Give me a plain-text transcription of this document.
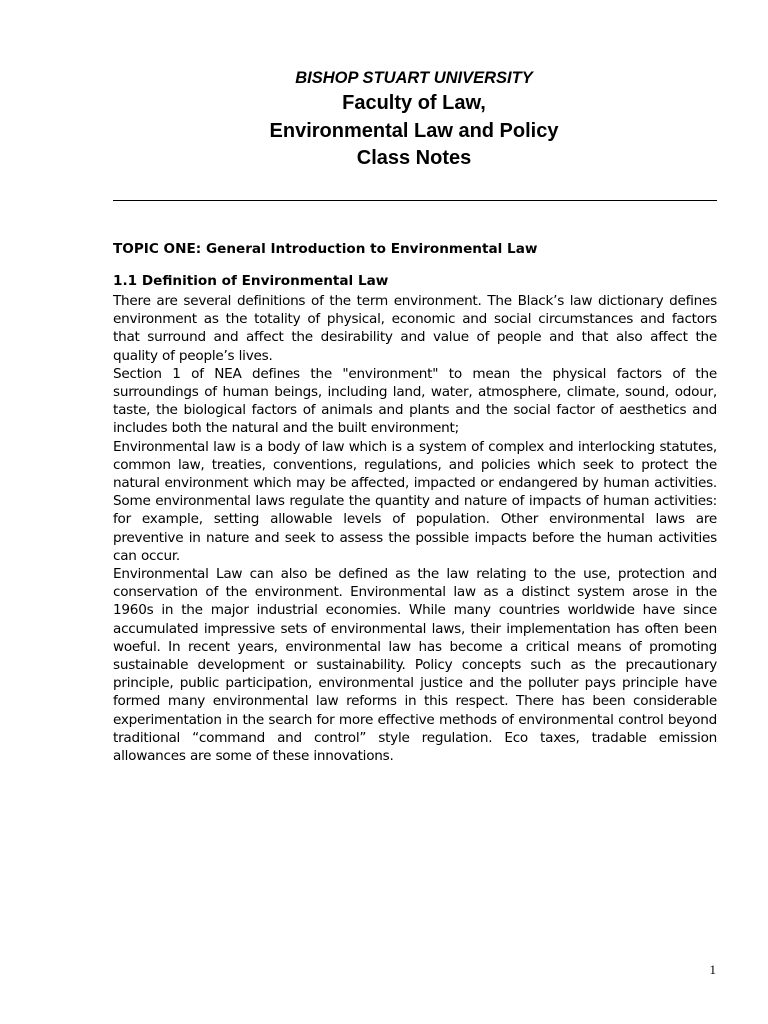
BISHOP STUART UNIVERSITY
Faculty of Law,
Environmental Law and Policy
Class Notes
TOPIC ONE: General Introduction to Environmental Law
1.1 Definition of Environmental Law

There are several definitions of the term environment. The Black’s law dictionary defines environment as the totality of physical, economic and social circumstances and factors that surround and affect the desirability and value of people and that also affect the quality of people’s lives.

Section 1 of NEA defines the "environment" to mean the physical factors of the surroundings of human beings, including land, water, atmosphere, climate, sound, odour, taste, the biological factors of animals and plants and the social factor of aesthetics and includes both the natural and the built environment;

Environmental law is a body of law which is a system of complex and interlocking statutes, common law, treaties, conventions, regulations, and policies which seek to protect the natural environment which may be affected, impacted or endangered by human activities. Some environmental laws regulate the quantity and nature of impacts of human activities: for example, setting allowable levels of population. Other environmental laws are preventive in nature and seek to assess the possible impacts before the human activities can occur.

Environmental Law can also be defined as the law relating to the use, protection and conservation of the environment. Environmental law as a distinct system arose in the 1960s in the major industrial economies. While many countries worldwide have since accumulated impressive sets of environmental laws, their implementation has often been woeful. In recent years, environmental law has become a critical means of promoting sustainable development or sustainability. Policy concepts such as the precautionary principle, public participation, environmental justice and the polluter pays principle have formed many environmental law reforms in this respect. There has been considerable experimentation in the search for more effective methods of environmental control beyond traditional “command and control” style regulation. Eco taxes, tradable emission allowances are some of these innovations.

1
